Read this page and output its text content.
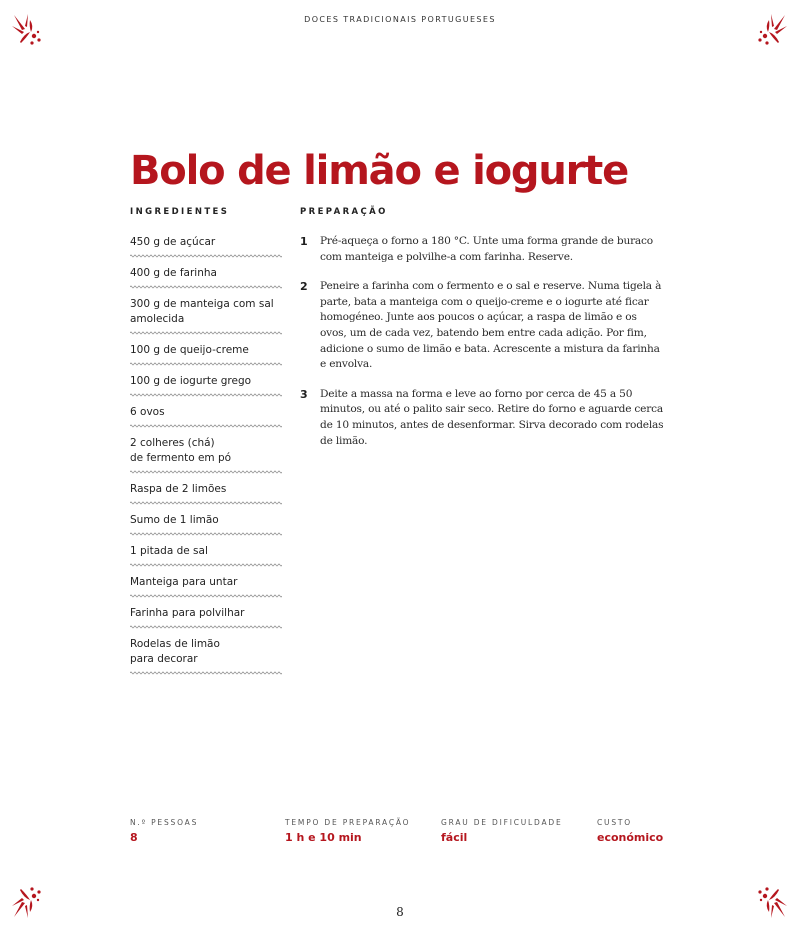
DOCES TRADICIONAIS PORTUGUESES
Bolo de limão e iogurte
INGREDIENTES	PREPARAÇÃO
450 g de açúcar
400 g de farinha
300 g de manteiga com sal amolecida
100 g de queijo-creme
100 g de iogurte grego
6 ovos
2 colheres (chá)
de fermento em pó
Raspa de 2 limões
Sumo de 1 limão
1 pitada de sal
Manteiga para untar
Farinha para polvilhar
Rodelas de limão
para decorar
1 Pré-aqueça o forno a 180 °C. Unte uma forma grande de buraco com manteiga e polvilhe-a com farinha. Reserve.
2 Peneire a farinha com o fermento e o sal e reserve. Numa tigela à parte, bata a manteiga com o queijo-creme e o iogurte até ficar homogéneo. Junte aos poucos o açúcar, a raspa de limão e os ovos, um de cada vez, batendo bem entre cada adição. Por fim, adicione o sumo de limão e bata. Acrescente a mistura da farinha e envolva.
3 Deite a massa na forma e leve ao forno por cerca de 45 a 50 minutos, ou até o palito sair seco. Retire do forno e aguarde cerca de 10 minutos, antes de desenformar. Sirva decorado com rodelas de limão.
N.º PESSOAS
8
TEMPO DE PREPARAÇÃO
1 h e 10 min
GRAU DE DIFICULDADE
fácil
CUSTO
económico
8
